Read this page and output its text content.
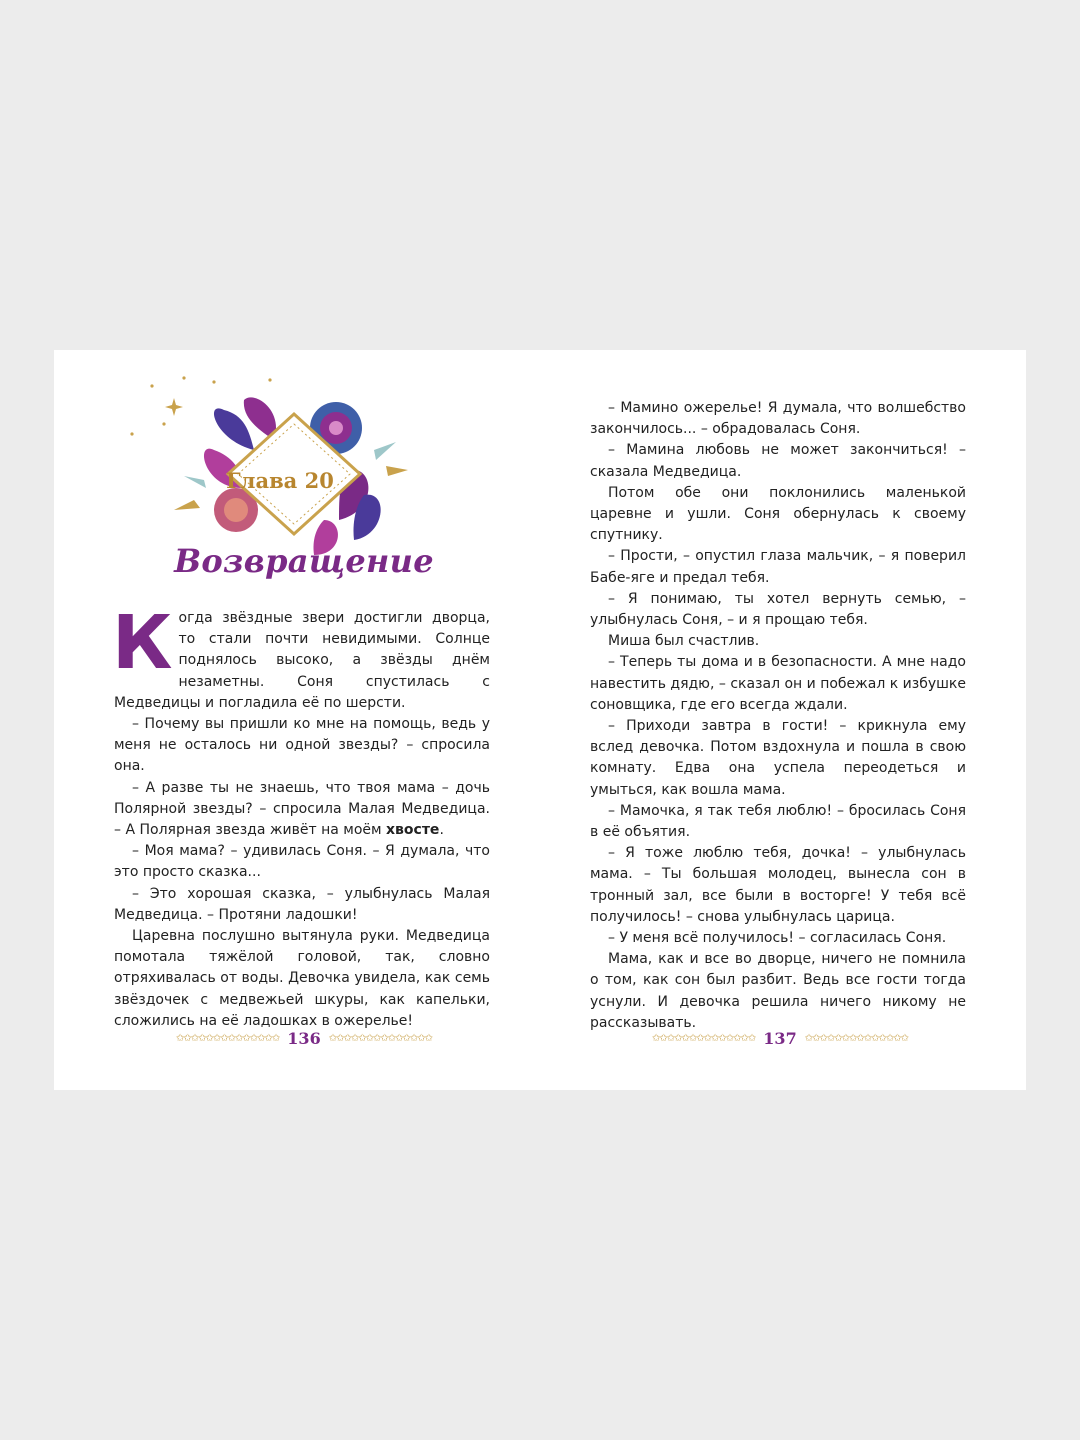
Глава 20
Возвращение

Когда звёздные звери достигли дворца, то стали почти невидимыми. Солнце поднялось высоко, а звёзды днём незаметны. Соня спустилась с Медведицы и погладила её по шерсти.

– Почему вы пришли ко мне на помощь, ведь у меня не осталось ни одной звезды? – спросила она.

– А разве ты не знаешь, что твоя мама – дочь Полярной звезды? – спросила Малая Медведица. – А Полярная звезда живёт на моём хвосте.

– Моя мама? – удивилась Соня. – Я думала, что это просто сказка...

– Это хорошая сказка, – улыбнулась Малая Медведица. – Протяни ладошки!

Царевна послушно вытянула руки. Медведица помотала тяжёлой головой, так, словно отряхивалась от воды. Девочка увидела, как семь звёздочек с медвежьей шкуры, как капельки, сложились на её ладошках в ожерелье!

✩✩✩✩✩✩✩✩✩✩✩✩✩✩ 136 ✩✩✩✩✩✩✩✩✩✩✩✩✩✩

– Мамино ожерелье! Я думала, что волшебство закончилось... – обрадовалась Соня.

– Мамина любовь не может закончиться! – сказала Медведица.

Потом обе они поклонились маленькой царевне и ушли. Соня обернулась к своему спутнику.

– Прости, – опустил глаза мальчик, – я поверил Бабе-яге и предал тебя.

– Я понимаю, ты хотел вернуть семью, – улыбнулась Соня, – и я прощаю тебя.

Миша был счастлив.

– Теперь ты дома и в безопасности. А мне надо навестить дядю, – сказал он и побежал к избушке соновщика, где его всегда ждали.

– Приходи завтра в гости! – крикнула ему вслед девочка. Потом вздохнула и пошла в свою комнату. Едва она успела переодеться и умыться, как вошла мама.

– Мамочка, я так тебя люблю! – бросилась Соня в её объятия.

– Я тоже люблю тебя, дочка! – улыбнулась мама. – Ты большая молодец, вынесла сон в тронный зал, все были в восторге! У тебя всё получилось! – снова улыбнулась царица.

– У меня всё получилось! – согласилась Соня.

Мама, как и все во дворце, ничего не помнила о том, как сон был разбит. Ведь все гости тогда уснули. И девочка решила ничего никому не рассказывать.

✩✩✩✩✩✩✩✩✩✩✩✩✩✩ 137 ✩✩✩✩✩✩✩✩✩✩✩✩✩✩
